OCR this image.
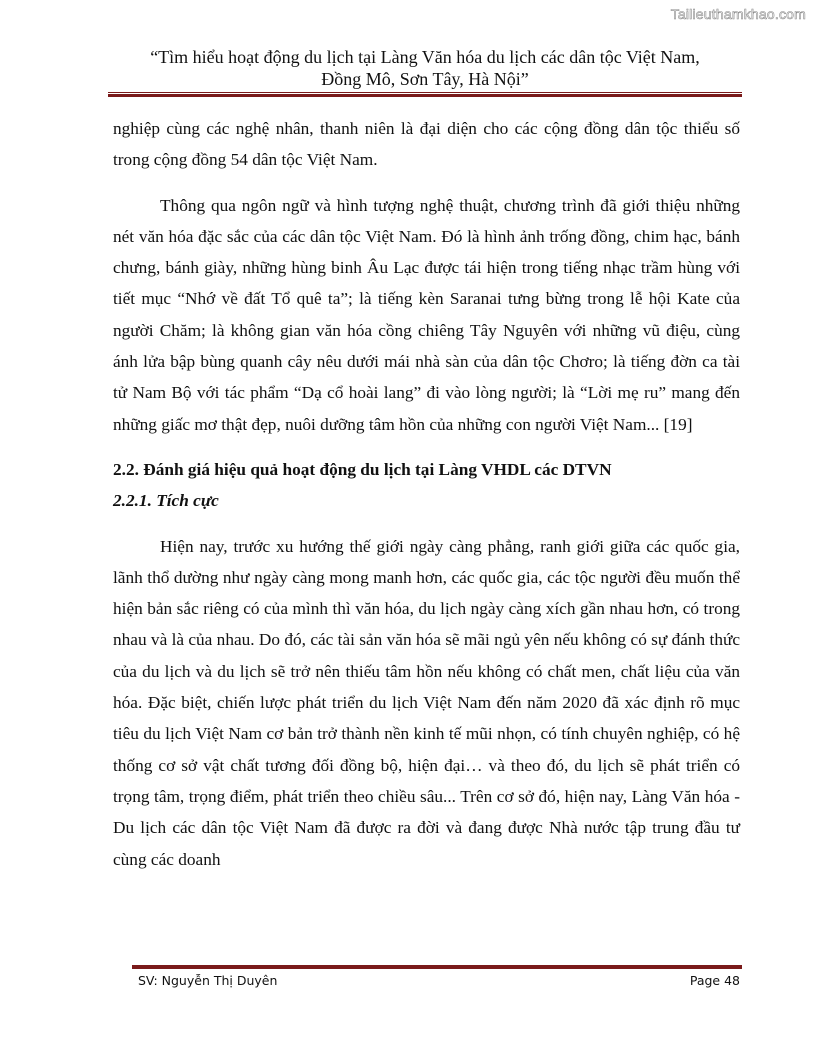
Tailieuthamkhao.com
“Tìm hiểu hoạt động du lịch tại Làng Văn hóa du lịch các dân tộc Việt Nam,
Đồng Mô, Sơn Tây, Hà Nội”

nghiệp cùng các nghệ nhân, thanh niên là đại diện cho các cộng đồng dân tộc thiểu số trong cộng đồng 54 dân tộc Việt Nam.

Thông qua ngôn ngữ và hình tượng nghệ thuật, chương trình đã giới thiệu những nét văn hóa đặc sắc của các dân tộc Việt Nam. Đó là hình ảnh trống đồng, chim hạc, bánh chưng, bánh giày, những hùng binh Âu Lạc được tái hiện trong tiếng nhạc trầm hùng với tiết mục “Nhớ về đất Tổ quê ta”; là tiếng kèn Saranai tưng bừng trong lễ hội Kate của người Chăm; là không gian văn hóa cồng chiêng Tây Nguyên với những vũ điệu, cùng ánh lửa bập bùng quanh cây nêu dưới mái nhà sàn của dân tộc Chơro; là tiếng đờn ca tài tử Nam Bộ với tác phẩm “Dạ cổ hoài lang” đi vào lòng người; là “Lời mẹ ru” mang đến những giấc mơ thật đẹp, nuôi dưỡng tâm hồn của những con người Việt Nam... [19]

2.2. Đánh giá hiệu quả hoạt động du lịch tại Làng VHDL các DTVN

2.2.1. Tích cực

Hiện nay, trước xu hướng thế giới ngày càng phẳng, ranh giới giữa các quốc gia, lãnh thổ dường như ngày càng mong manh hơn, các quốc gia, các tộc người đều muốn thể hiện bản sắc riêng có của mình thì văn hóa, du lịch ngày càng xích gần nhau hơn, có trong nhau và là của nhau. Do đó, các tài sản văn hóa sẽ mãi ngủ yên nếu không có sự đánh thức của du lịch và du lịch sẽ trở nên thiếu tâm hồn nếu không có chất men, chất liệu của văn hóa. Đặc biệt, chiến lược phát triển du lịch Việt Nam đến năm 2020 đã xác định rõ mục tiêu du lịch Việt Nam cơ bản trở thành nền kinh tế mũi nhọn, có tính chuyên nghiệp, có hệ thống cơ sở vật chất tương đối đồng bộ, hiện đại… và theo đó, du lịch sẽ phát triển có trọng tâm, trọng điểm, phát triển theo chiều sâu... Trên cơ sở đó, hiện nay, Làng Văn hóa - Du lịch các dân tộc Việt Nam đã được ra đời và đang được Nhà nước tập trung đầu tư cùng các doanh

SV: Nguyễn Thị Duyên	Page 48
